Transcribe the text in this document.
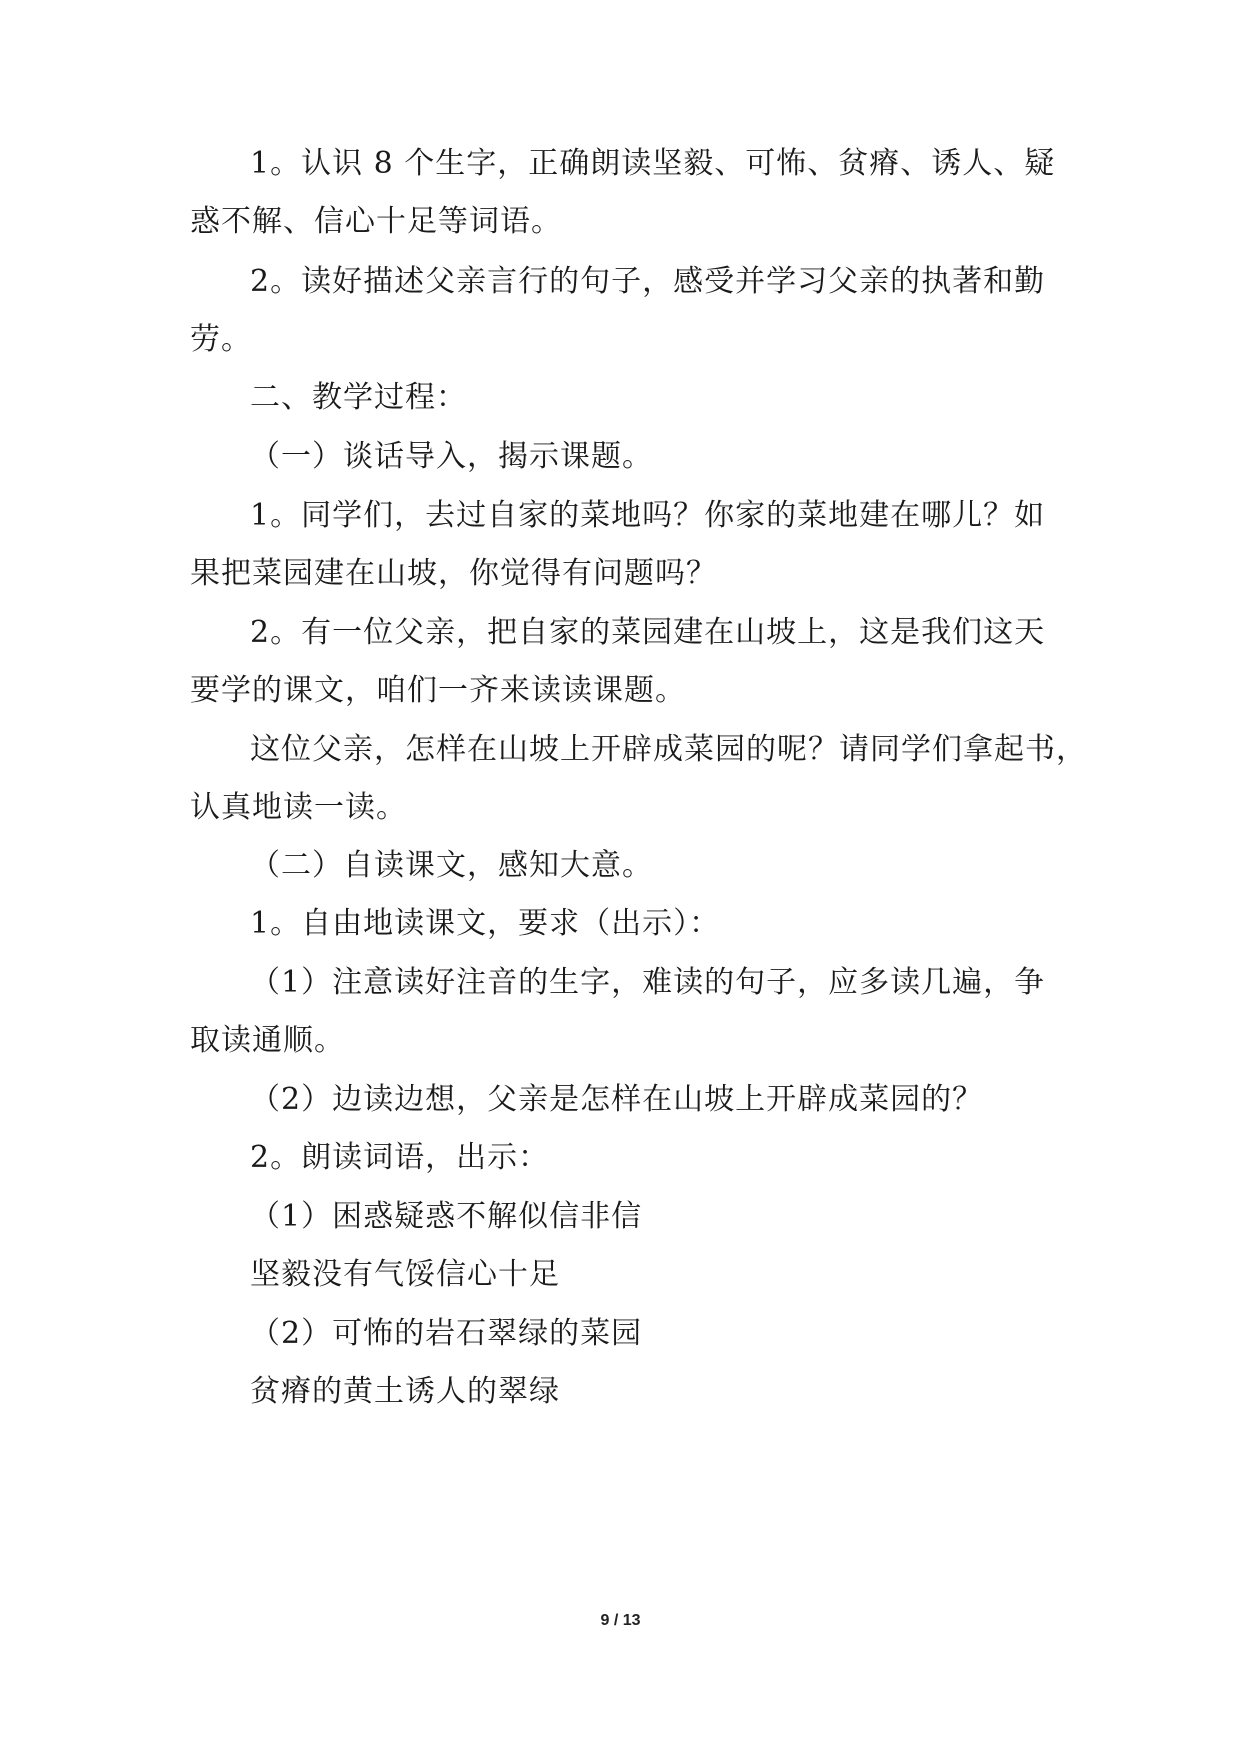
1。认识 8 个生字，正确朗读坚毅、可怖、贫瘠、诱人、疑

惑不解、信心十足等词语。

2。读好描述父亲言行的句子，感受并学习父亲的执著和勤

劳。

二、教学过程：

（一）谈话导入，揭示课题。

1。同学们，去过自家的菜地吗？你家的菜地建在哪儿？如

果把菜园建在山坡，你觉得有问题吗？

2。有一位父亲，把自家的菜园建在山坡上，这是我们这天

要学的课文，咱们一齐来读读课题。

这位父亲，怎样在山坡上开辟成菜园的呢？请同学们拿起书，

认真地读一读。

（二）自读课文，感知大意。

1。自由地读课文，要求（出示）：

（1）注意读好注音的生字，难读的句子，应多读几遍，争

取读通顺。

（2）边读边想，父亲是怎样在山坡上开辟成菜园的？

2。朗读词语，出示：

（1）困惑疑惑不解似信非信

坚毅没有气馁信心十足

（2）可怖的岩石翠绿的菜园

贫瘠的黄土诱人的翠绿

9 / 13
